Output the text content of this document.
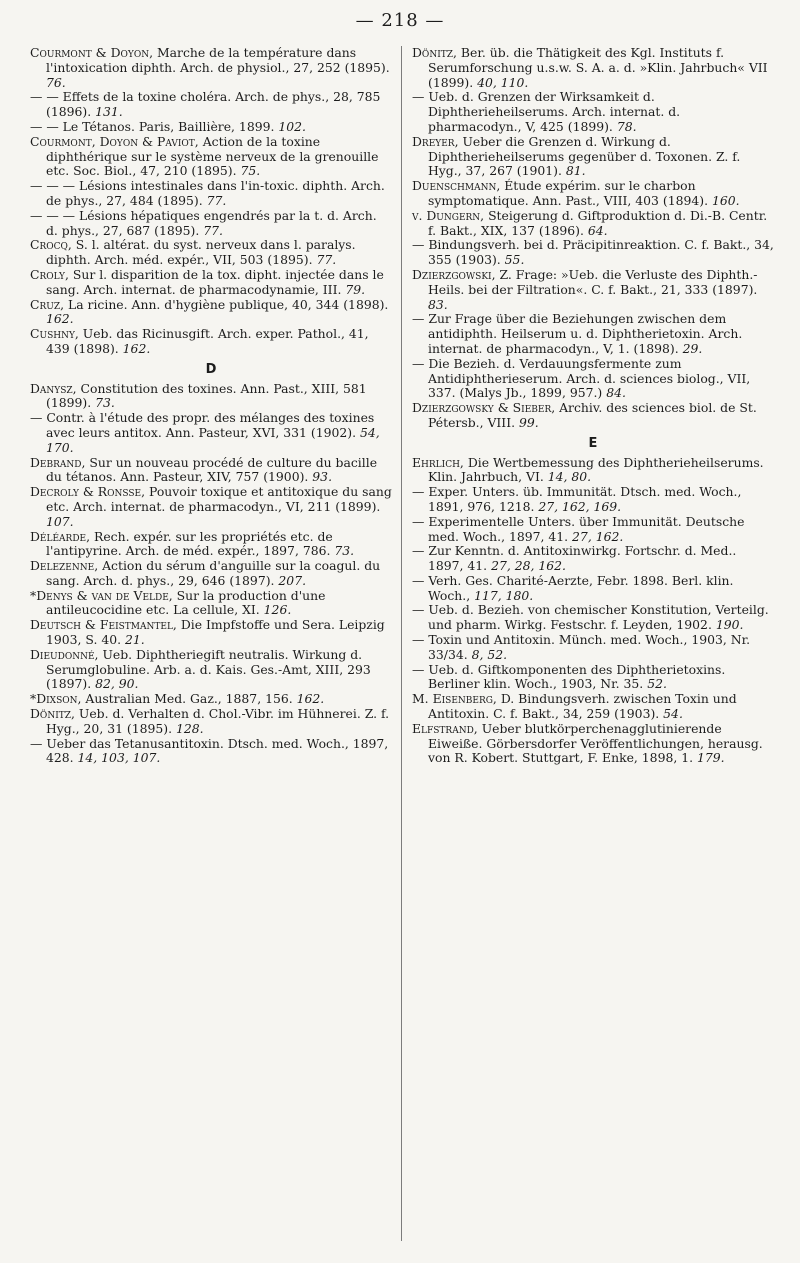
— 218 —

Courmont & Doyon, Marche de la température dans l'intoxication diphth. Arch. de physiol., 27, 252 (1895). 76.

— — Effets de la toxine choléra. Arch. de phys., 28, 785 (1896). 131.

— — Le Tétanos. Paris, Baillière, 1899. 102.

Courmont, Doyon & Paviot, Action de la toxine diphthérique sur le système nerveux de la grenouille etc. Soc. Biol., 47, 210 (1895). 75.

— — — Lésions intestinales dans l'in-toxic. diphth. Arch. de phys., 27, 484 (1895). 77.

— — — Lésions hépatiques engendrés par la t. d. Arch. d. phys., 27, 687 (1895). 77.

Crocq, S. l. altérat. du syst. nerveux dans l. paralys. diphth. Arch. méd. expér., VII, 503 (1895). 77.

Croly, Sur l. disparition de la tox. dipht. injectée dans le sang. Arch. internat. de pharmacodynamie, III. 79.

Cruz, La ricine. Ann. d'hygiène publique, 40, 344 (1898). 162.

Cushny, Ueb. das Ricinusgift. Arch. exper. Pathol., 41, 439 (1898). 162.

D

Danysz, Constitution des toxines. Ann. Past., XIII, 581 (1899). 73.

— Contr. à l'étude des propr. des mélanges des toxines avec leurs antitox. Ann. Pasteur, XVI, 331 (1902). 54, 170.

Debrand, Sur un nouveau procédé de culture du bacille du tétanos. Ann. Pasteur, XIV, 757 (1900). 93.

Decroly & Ronsse, Pouvoir toxique et antitoxique du sang etc. Arch. internat. de pharmacodyn., VI, 211 (1899). 107.

Déléarde, Rech. expér. sur les propriétés etc. de l'antipyrine. Arch. de méd. expér., 1897, 786. 73.

Delezenne, Action du sérum d'anguille sur la coagul. du sang. Arch. d. phys., 29, 646 (1897). 207.

*Denys & van de Velde, Sur la production d'une antileucocidine etc. La cellule, XI. 126.

Deutsch & Feistmantel, Die Impfstoffe und Sera. Leipzig 1903, S. 40. 21.

Dieudonné, Ueb. Diphtheriegift neutralis. Wirkung d. Serumglobuline. Arb. a. d. Kais. Ges.-Amt, XIII, 293 (1897). 82, 90.

*Dixson, Australian Med. Gaz., 1887, 156. 162.

Dönitz, Ueb. d. Verhalten d. Chol.-Vibr. im Hühnerei. Z. f. Hyg., 20, 31 (1895). 128.

— Ueber das Tetanusantitoxin. Dtsch. med. Woch., 1897, 428. 14, 103, 107.

Dönitz, Ber. üb. die Thätigkeit des Kgl. Instituts f. Serumforschung u.s.w. S. A. a. d. »Klin. Jahrbuch« VII (1899). 40, 110.

— Ueb. d. Grenzen der Wirksamkeit d. Diphtherieheilserums. Arch. internat. d. pharmacodyn., V, 425 (1899). 78.

Dreyer, Ueber die Grenzen d. Wirkung d. Diphtherieheilserums gegenüber d. Toxonen. Z. f. Hyg., 37, 267 (1901). 81.

Duenschmann, Étude expérim. sur le charbon symptomatique. Ann. Past., VIII, 403 (1894). 160.

v. Dungern, Steigerung d. Giftproduktion d. Di.-B. Centr. f. Bakt., XIX, 137 (1896). 64.

— Bindungsverh. bei d. Präcipitinreaktion. C. f. Bakt., 34, 355 (1903). 55.

Dzierzgowski, Z. Frage: »Ueb. die Verluste des Diphth.-Heils. bei der Filtration«. C. f. Bakt., 21, 333 (1897). 83.

— Zur Frage über die Beziehungen zwischen dem antidiphth. Heilserum u. d. Diphtherietoxin. Arch. internat. de pharmacodyn., V, 1. (1898). 29.

— Die Bezieh. d. Verdauungsfermente zum Antidiphtherieserum. Arch. d. sciences biolog., VII, 337. (Malys Jb., 1899, 957.) 84.

Dzierzgowsky & Sieber, Archiv. des sciences biol. de St. Pétersb., VIII. 99.

E

Ehrlich, Die Wertbemessung des Diphtherieheilserums. Klin. Jahrbuch, VI. 14, 80.

— Exper. Unters. üb. Immunität. Dtsch. med. Woch., 1891, 976, 1218. 27, 162, 169.

— Experimentelle Unters. über Immunität. Deutsche med. Woch., 1897, 41. 27, 162.

— Zur Kenntn. d. Antitoxinwirkg. Fortschr. d. Med.. 1897, 41. 27, 28, 162.

— Verh. Ges. Charité-Aerzte, Febr. 1898. Berl. klin. Woch., 117, 180.

— Ueb. d. Bezieh. von chemischer Konstitution, Verteilg. und pharm. Wirkg. Festschr. f. Leyden, 1902. 190.

— Toxin und Antitoxin. Münch. med. Woch., 1903, Nr. 33/34. 8, 52.

— Ueb. d. Giftkomponenten des Diphtherietoxins. Berliner klin. Woch., 1903, Nr. 35. 52.

M. Eisenberg, D. Bindungsverh. zwischen Toxin und Antitoxin. C. f. Bakt., 34, 259 (1903). 54.

Elfstrand, Ueber blutkörperchenagglutinierende Eiweiße. Görbersdorfer Veröffentlichungen, herausg. von R. Kobert. Stuttgart, F. Enke, 1898, 1. 179.
